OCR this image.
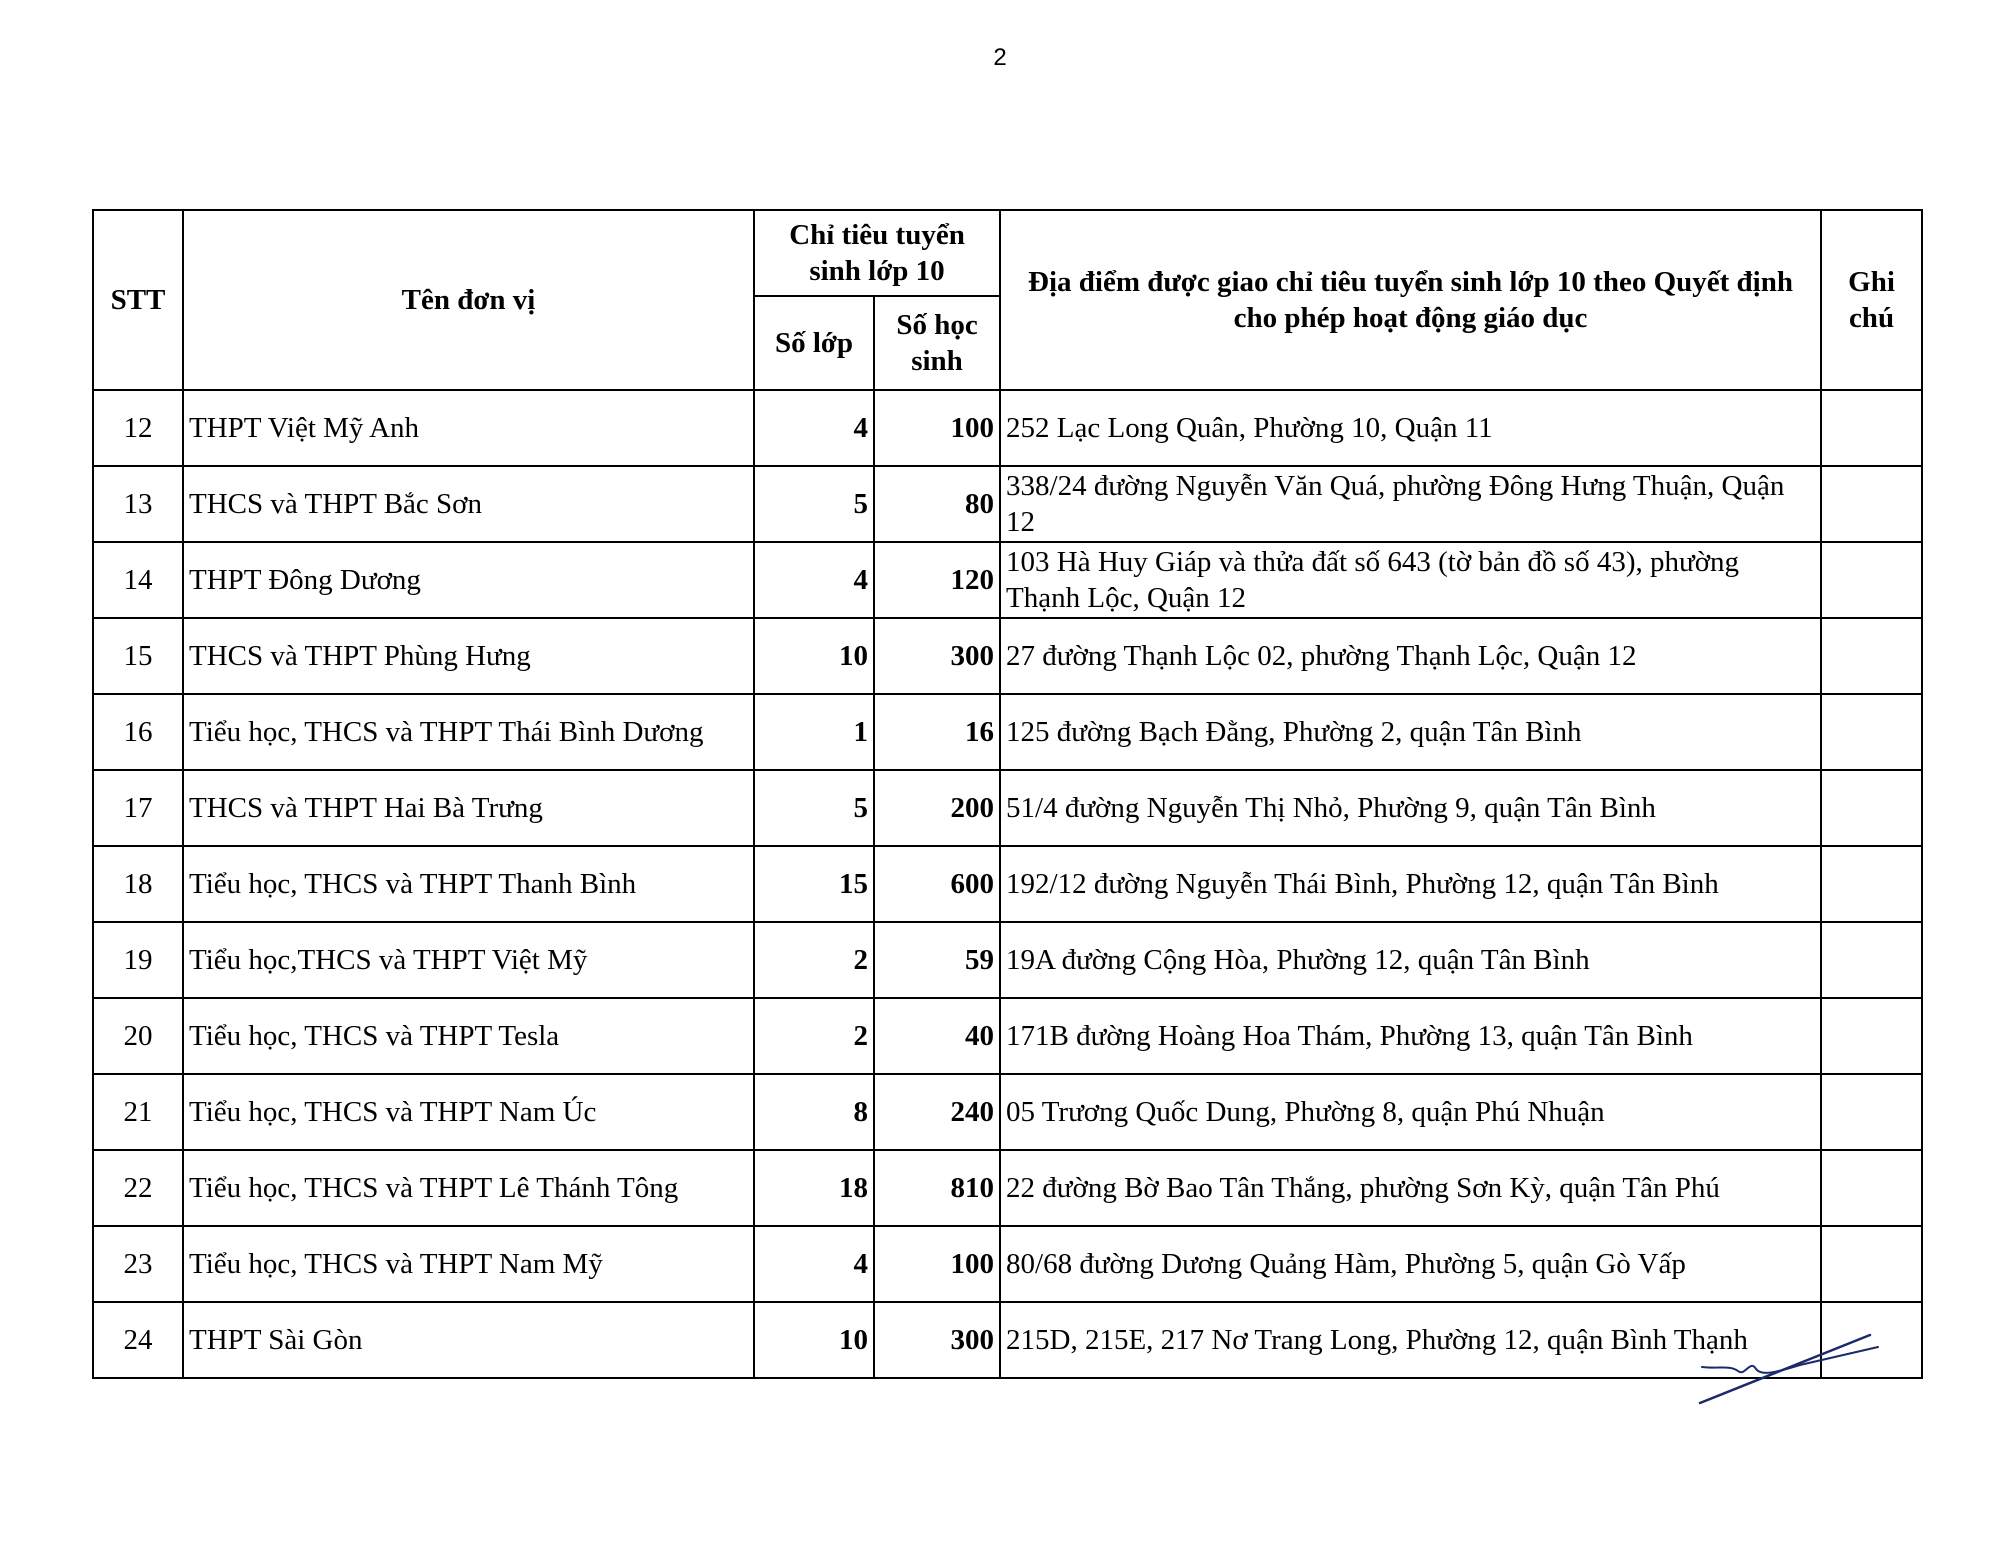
2
STT	Tên đơn vị	Chỉ tiêu tuyển sinh lớp 10		Địa điểm được giao chỉ tiêu tuyển sinh lớp 10 theo Quyết định cho phép hoạt động giáo dục	Ghi chú
		Số lớp	Số học sinh		
12	THPT Việt Mỹ Anh	4	100	252 Lạc Long Quân, Phường 10, Quận 11	
13	THCS và THPT Bắc Sơn	5	80	338/24 đường Nguyễn Văn Quá, phường Đông Hưng Thuận, Quận 12	
14	THPT Đông Dương	4	120	103 Hà Huy Giáp và thửa đất số 643 (tờ bản đồ số 43), phường Thạnh Lộc, Quận 12	
15	THCS và THPT Phùng Hưng	10	300	27 đường Thạnh Lộc 02, phường Thạnh Lộc, Quận 12	
16	Tiểu học, THCS và THPT Thái Bình Dương	1	16	125 đường Bạch Đằng, Phường 2, quận Tân Bình	
17	THCS và THPT Hai Bà Trưng	5	200	51/4 đường Nguyễn Thị Nhỏ, Phường 9, quận Tân Bình	
18	Tiểu học, THCS và THPT Thanh Bình	15	600	192/12 đường Nguyễn Thái Bình, Phường 12, quận Tân Bình	
19	Tiểu học,THCS và THPT Việt Mỹ	2	59	19A đường Cộng Hòa, Phường 12, quận Tân Bình	
20	Tiểu học, THCS và THPT Tesla	2	40	171B đường Hoàng Hoa Thám, Phường 13, quận Tân Bình	
21	Tiểu học, THCS và THPT Nam Úc	8	240	05 Trương Quốc Dung, Phường 8, quận Phú Nhuận	
22	Tiểu học, THCS và THPT Lê Thánh Tông	18	810	22 đường Bờ Bao Tân Thắng, phường Sơn Kỳ, quận Tân Phú	
23	Tiểu học, THCS và THPT Nam Mỹ	4	100	80/68 đường Dương Quảng Hàm, Phường 5, quận Gò Vấp	
24	THPT Sài Gòn	10	300	215D, 215E, 217 Nơ Trang Long, Phường 12, quận Bình Thạnh	
